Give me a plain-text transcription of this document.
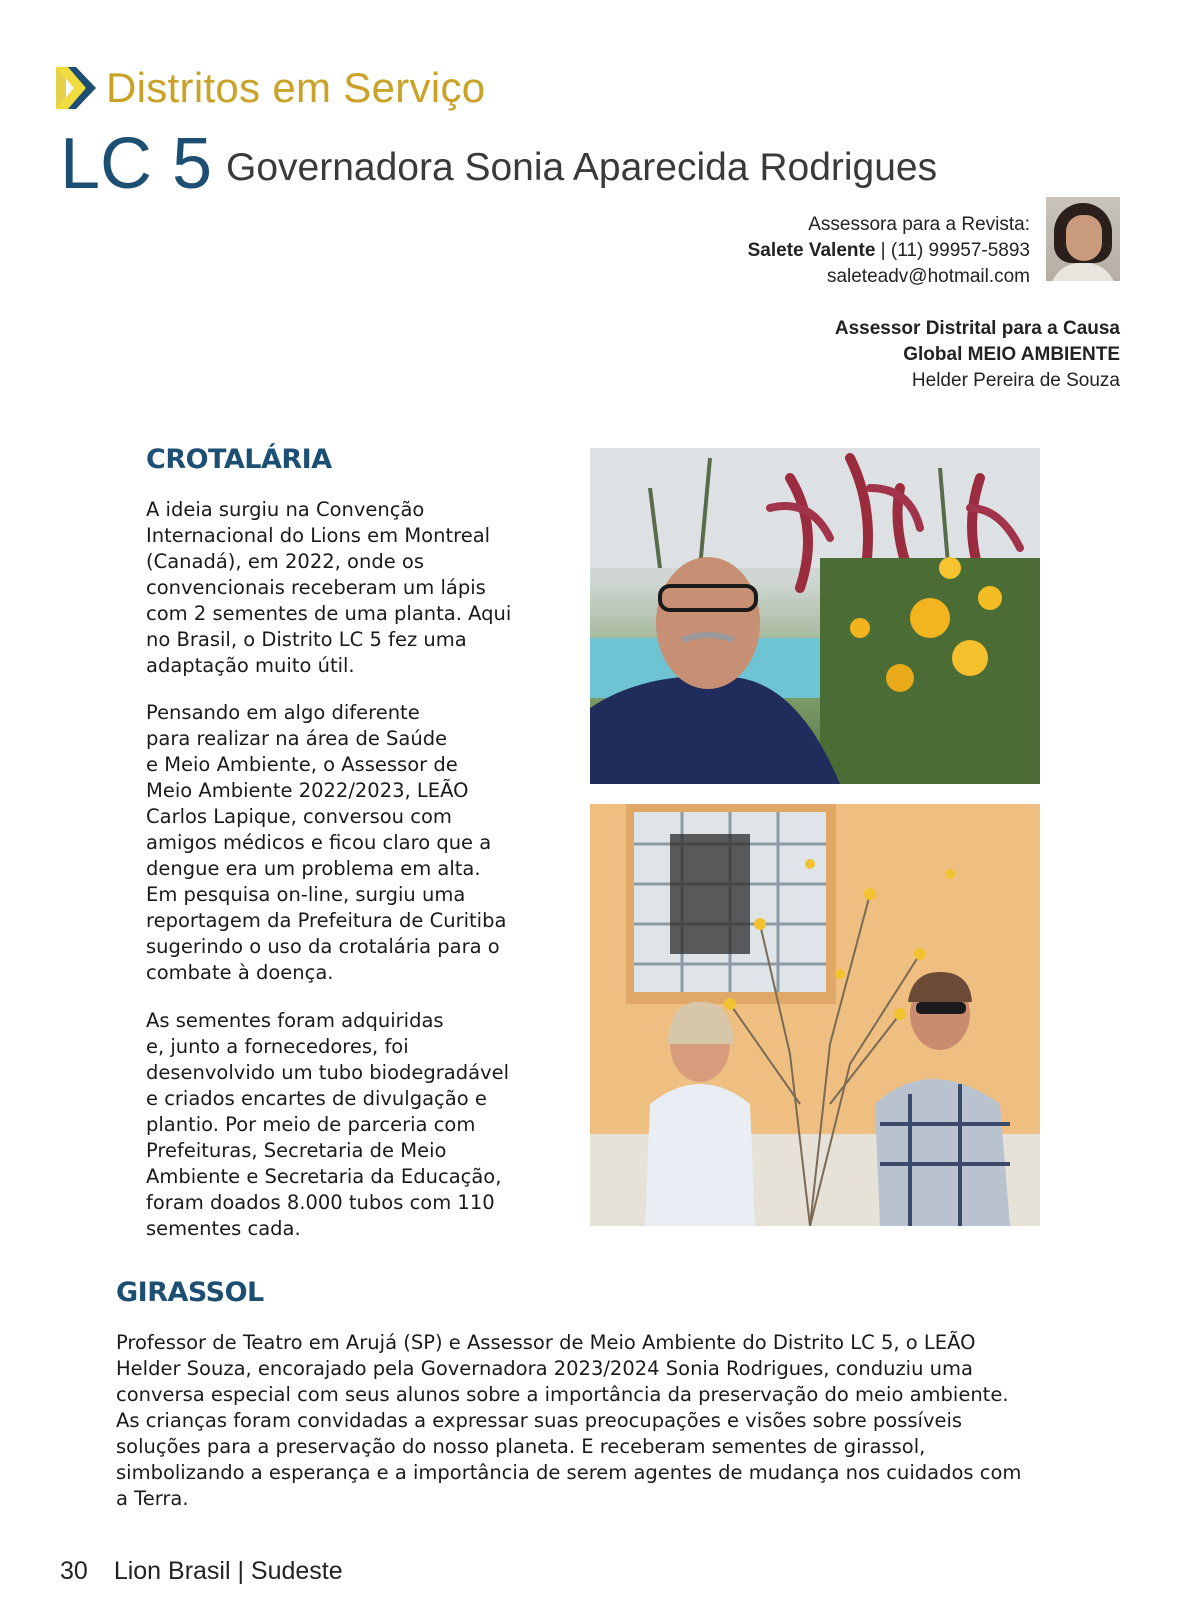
Distritos em Serviço
LC 5 Governadora Sonia Aparecida Rodrigues
Assessora para a Revista:
Salete Valente | (11) 99957-5893
saleteadv@hotmail.com
Assessor Distrital para a Causa
Global MEIO AMBIENTE
Helder Pereira de Souza
CROTALÁRIA
A ideia surgiu na Convenção
Internacional do Lions em Montreal
(Canadá), em 2022, onde os
convencionais receberam um lápis
com 2 sementes de uma planta. Aqui
no Brasil, o Distrito LC 5 fez uma
adaptação muito útil.
Pensando em algo diferente
para realizar na área de Saúde
e Meio Ambiente, o Assessor de
Meio Ambiente 2022/2023, LEÃO
Carlos Lapique, conversou com
amigos médicos e ficou claro que a
dengue era um problema em alta.
Em pesquisa on-line, surgiu uma
reportagem da Prefeitura de Curitiba
sugerindo o uso da crotalária para o
combate à doença.
As sementes foram adquiridas
e, junto a fornecedores, foi
desenvolvido um tubo biodegradável
e criados encartes de divulgação e
plantio. Por meio de parceria com
Prefeituras, Secretaria de Meio
Ambiente e Secretaria da Educação,
foram doados 8.000 tubos com 110
sementes cada.
GIRASSOL
Professor de Teatro em Arujá (SP) e Assessor de Meio Ambiente do Distrito LC 5, o LEÃO
Helder Souza, encorajado pela Governadora 2023/2024 Sonia Rodrigues, conduziu uma
conversa especial com seus alunos sobre a importância da preservação do meio ambiente.
As crianças foram convidadas a expressar suas preocupações e visões sobre possíveis
soluções para a preservação do nosso planeta. E receberam sementes de girassol,
simbolizando a esperança e a importância de serem agentes de mudança nos cuidados com
a Terra.
30 Lion Brasil | Sudeste
